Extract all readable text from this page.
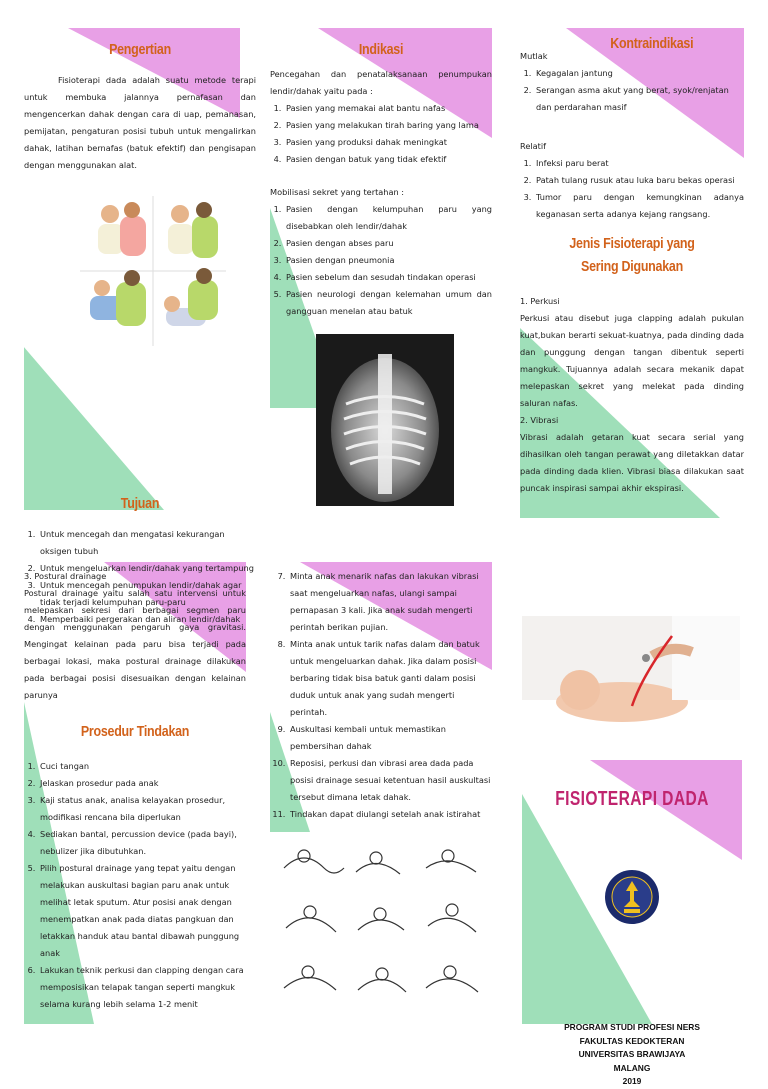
Pengertian
Fisioterapi dada adalah suatu metode terapi untuk membuka jalannya pernafasan dan mengencerkan dahak dengan cara di uap, pemanasan, pemijatan, pengaturan posisi tubuh untuk mengalirkan dahak, latihan bernafas (batuk efektif) dan pengisapan dengan menggunakan alat.
Tujuan
1. Untuk mencegah dan mengatasi kekurangan oksigen tubuh
2. Untuk mengeluarkan lendir/dahak yang tertampung
3. Untuk mencegah penumpukan lendir/dahak agar tidak terjadi kelumpuhan paru-paru
4. Memperbaiki pergerakan dan aliran lendir/dahak
Indikasi
Pencegahan dan penatalaksanaan penumpukan lendir/dahak yaitu pada :
1. Pasien yang memakai alat bantu nafas
2. Pasien yang melakukan tirah baring yang lama
3. Pasien yang produksi dahak meningkat
4. Pasien dengan batuk yang tidak efektif
Mobilisasi sekret yang tertahan :
1. Pasien dengan kelumpuhan paru yang disebabkan oleh lendir/dahak
2. Pasien dengan abses paru
3. Pasien dengan pneumonia
4. Pasien sebelum dan sesudah tindakan operasi
5. Pasien neurologi dengan kelemahan umum dan gangguan menelan atau batuk
Kontraindikasi
Mutlak
1. Kegagalan jantung
2. Serangan asma akut yang berat, syok/renjatan dan perdarahan masif
Relatif
1. Infeksi paru berat
2. Patah tulang rusuk atau luka baru bekas operasi
3. Tumor paru dengan kemungkinan adanya keganasan serta adanya kejang rangsang.
Jenis Fisioterapi yang Sering Digunakan
1. Perkusi
Perkusi atau disebut juga clapping adalah pukulan kuat,bukan berarti sekuat-kuatnya, pada dinding dada dan punggung dengan tangan dibentuk seperti mangkuk. Tujuannya adalah secara mekanik dapat melepaskan sekret yang melekat pada dinding saluran nafas.
2. Vibrasi
Vibrasi adalah getaran kuat secara serial yang dihasilkan oleh tangan perawat yang diletakkan datar pada dinding dada klien. Vibrasi biasa dilakukan saat puncak inspirasi sampai akhir ekspirasi.
3. Postural drainage
Postural drainage yaitu salah satu intervensi untuk melepaskan sekresi dari berbagai segmen paru dengan menggunakan pengaruh gaya gravitasi. Mengingat kelainan pada paru bisa terjadi pada berbagai lokasi, maka postural drainage dilakukan pada berbagai posisi disesuaikan dengan kelainan parunya
Prosedur Tindakan
1. Cuci tangan
2. Jelaskan prosedur pada anak
3. Kaji status anak, analisa kelayakan prosedur, modifikasi rencana bila diperlukan
4. Sediakan bantal, percussion device (pada bayi), nebulizer jika dibutuhkan.
5. Pilih postural drainage yang tepat yaitu dengan melakukan auskultasi bagian paru anak untuk melihat letak sputum. Atur posisi anak dengan menempatkan anak pada diatas pangkuan dan letakkan handuk atau bantal dibawah punggung anak
6. Lakukan teknik perkusi dan clapping dengan cara memposisikan telapak tangan seperti mangkuk selama kurang lebih selama 1-2 menit
7. Minta anak menarik nafas dan lakukan vibrasi saat mengeluarkan nafas, ulangi sampai pernapasan 3 kali. Jika anak sudah mengerti perintah berikan pujian.
8. Minta anak untuk tarik nafas dalam dan batuk untuk mengeluarkan dahak. Jika dalam posisi berbaring tidak bisa batuk ganti dalam posisi duduk untuk anak yang sudah mengerti perintah.
9. Auskultasi kembali untuk memastikan pembersihan dahak
10. Reposisi, perkusi dan vibrasi area dada pada posisi drainage sesuai ketentuan hasil auskultasi tersebut dimana letak dahak.
11. Tindakan dapat diulangi setelah anak istirahat
FISIOTERAPI DADA
PROGRAM STUDI PROFESI NERS
FAKULTAS KEDOKTERAN
UNIVERSITAS BRAWIJAYA
MALANG
2019
